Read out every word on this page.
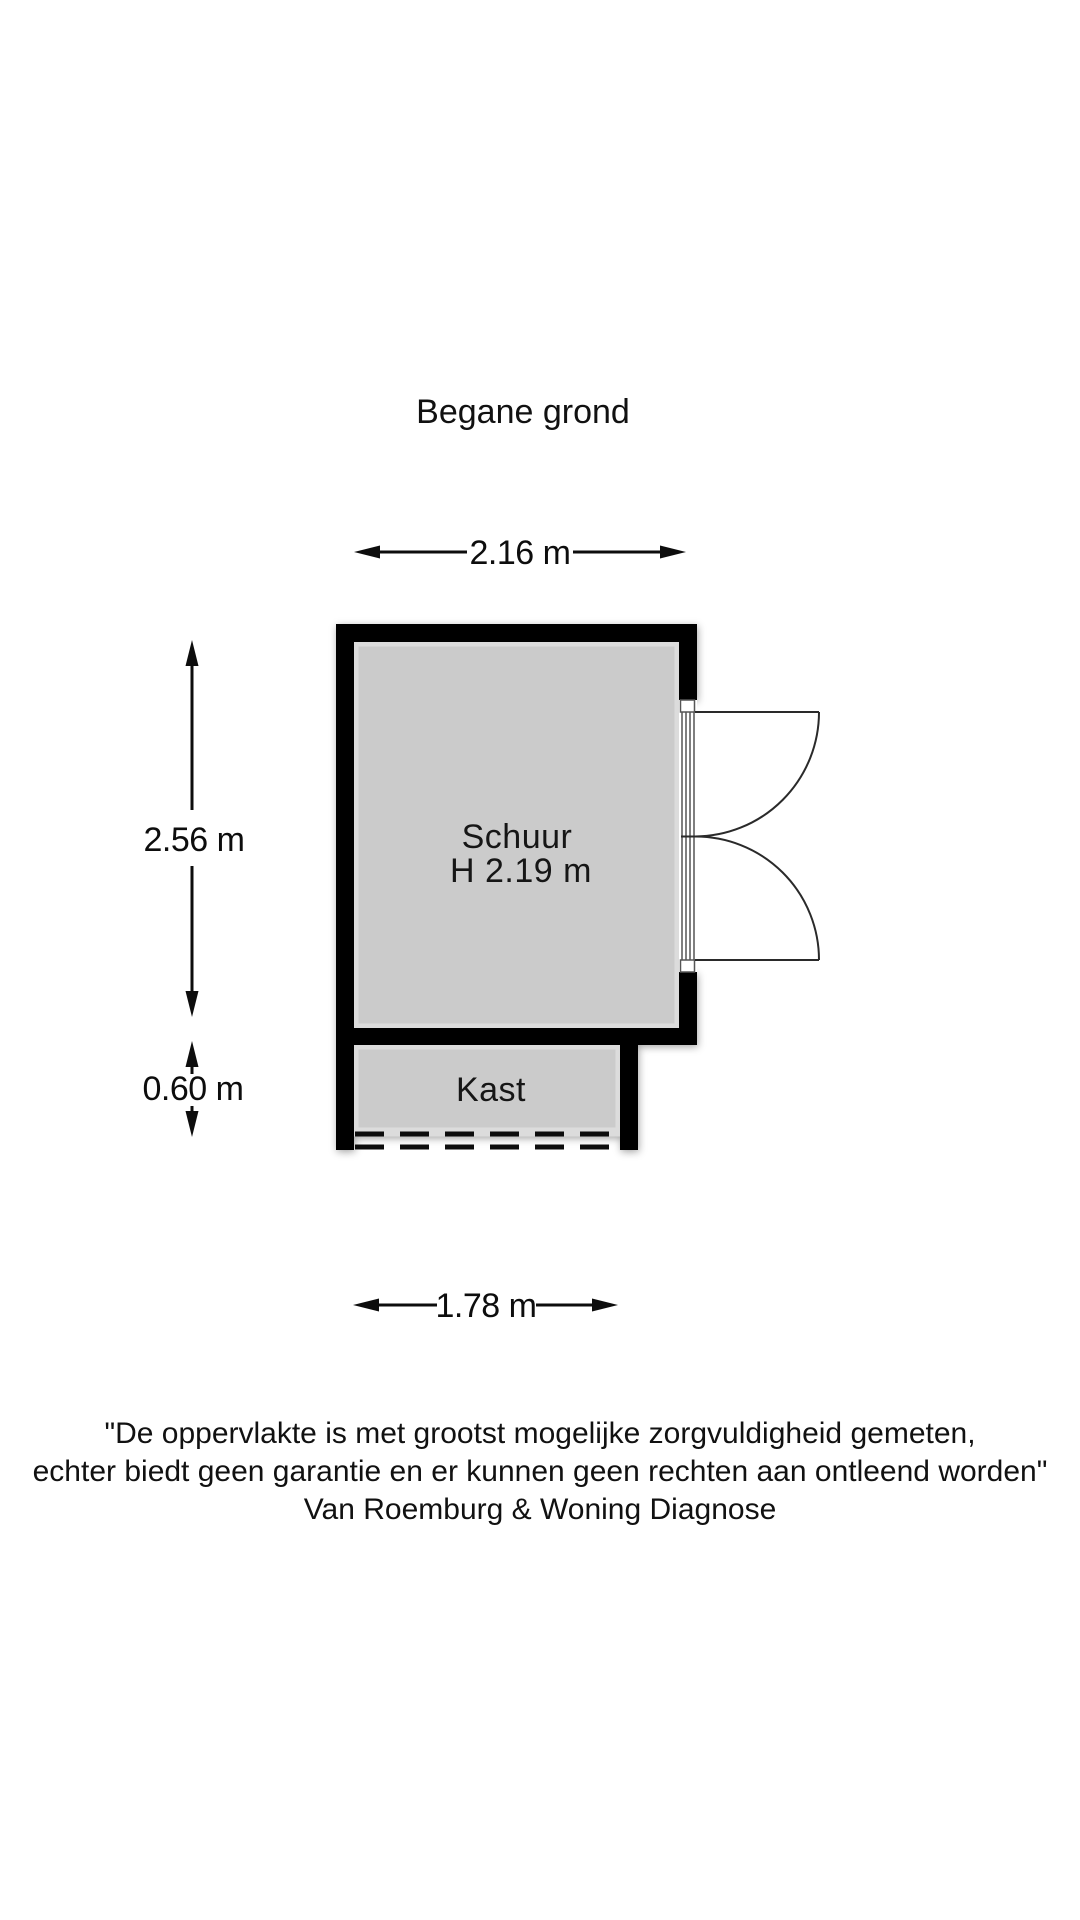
Begane grond
2.16 m
2.56 m
0.60 m
1.78 m
Schuur
H 2.19 m
Kast
"De oppervlakte is met grootst mogelijke zorgvuldigheid gemeten,
echter biedt geen garantie en er kunnen geen rechten aan ontleend worden"
Van Roemburg & Woning Diagnose
